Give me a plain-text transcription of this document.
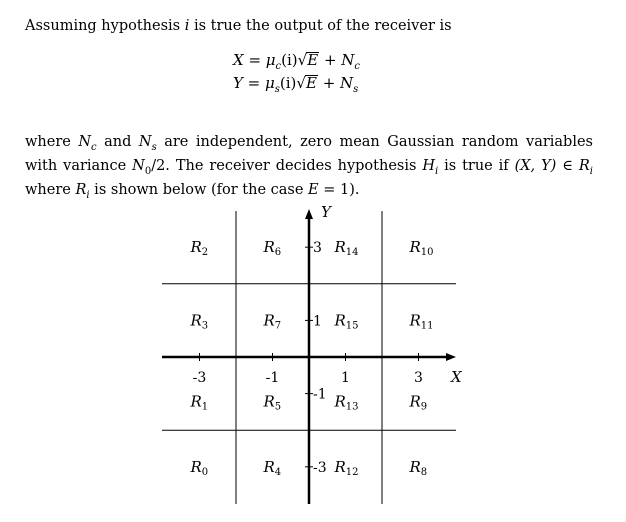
Assuming hypothesis i is true the output of the receiver is
$X = \mu_c(i)√E + N_c$
$Y = \mu_s(i)√E + N_s$
where $N_c$ and $N_s$ are independent, zero mean Gaussian random variables with variance $N_0/2$. The receiver decides hypothesis $H_i$ is true if (X, Y) ∈ $R_i$ where $R_i$ is shown below (for the case E = 1).
X
Y
-3	-1	1	3
3
1
-1
-3
$R_2$	$R_6$	$R_{14}$	$R_{10}$
$R_3$	$R_7$	$R_{15}$	$R_{11}$
$R_1$	$R_5$	$R_{13}$	$R_9$
$R_0$	$R_4$	$R_{12}$	$R_8$
